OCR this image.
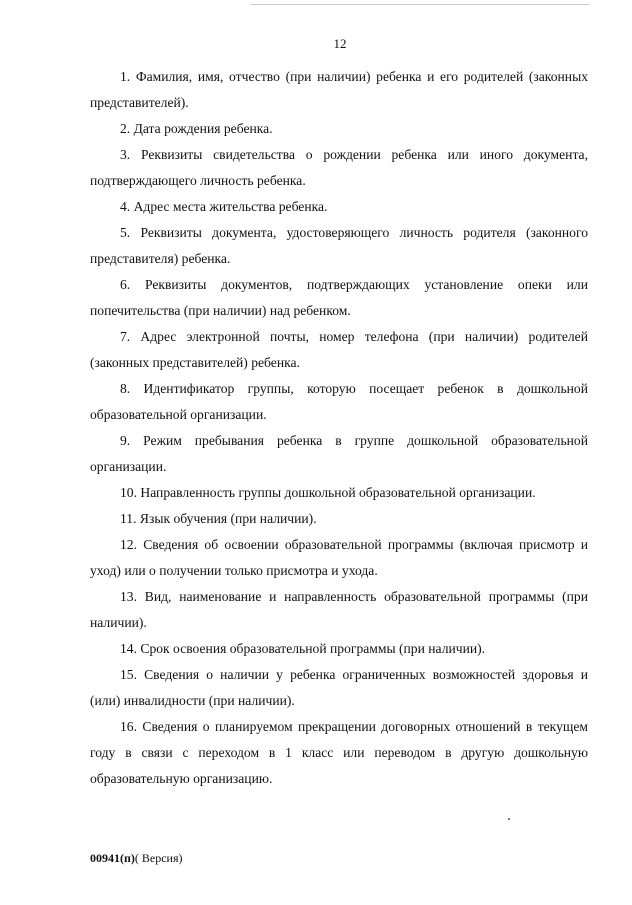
12
1. Фамилия, имя, отчество (при наличии) ребенка и его родителей (законных представителей).
2. Дата рождения ребенка.
3. Реквизиты свидетельства о рождении ребенка или иного документа, подтверждающего личность ребенка.
4. Адрес места жительства ребенка.
5. Реквизиты документа, удостоверяющего личность родителя (законного представителя) ребенка.
6. Реквизиты документов, подтверждающих установление опеки или попечительства (при наличии) над ребенком.
7. Адрес электронной почты, номер телефона (при наличии) родителей (законных представителей) ребенка.
8. Идентификатор группы, которую посещает ребенок в дошкольной образовательной организации.
9. Режим пребывания ребенка в группе дошкольной образовательной организации.
10. Направленность группы дошкольной образовательной организации.
11. Язык обучения (при наличии).
12. Сведения об освоении образовательной программы (включая присмотр и уход) или о получении только присмотра и ухода.
13. Вид, наименование и направленность образовательной программы (при наличии).
14. Срок освоения образовательной программы (при наличии).
15. Сведения о наличии у ребенка ограниченных возможностей здоровья и (или) инвалидности (при наличии).
16. Сведения о планируемом прекращении договорных отношений в текущем году в связи с переходом в 1 класс или переводом в другую дошкольную образовательную организацию.
00941(п)( Версия)
